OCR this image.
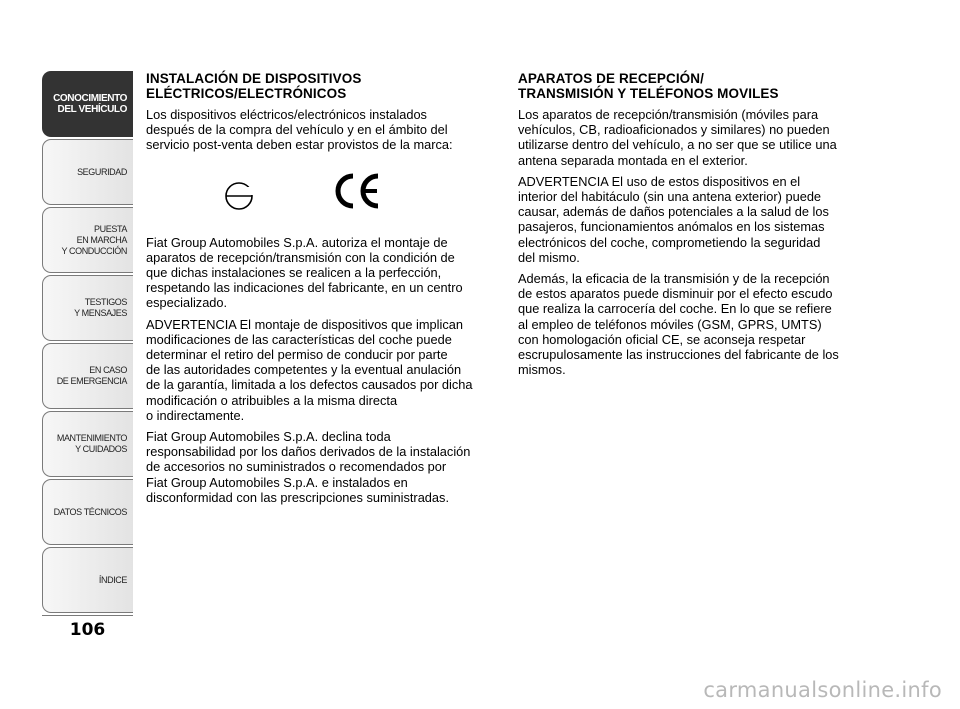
CONOCIMIENTO
DEL VEHÍCULO
SEGURIDAD
PUESTA
EN MARCHA
Y CONDUCCIÓN
TESTIGOS
Y MENSAJES
EN CASO
DE EMERGENCIA
MANTENIMIENTO
Y CUIDADOS
DATOS TÉCNICOS
ÍNDICE
106
INSTALACIÓN DE DISPOSITIVOS
ELÉCTRICOS/ELECTRÓNICOS

Los dispositivos eléctricos/electrónicos instalados
después de la compra del vehículo y en el ámbito del
servicio post-venta deben estar provistos de la marca:

Fiat Group Automobiles S.p.A. autoriza el montaje de
aparatos de recepción/transmisión con la condición de
que dichas instalaciones se realicen a la perfección,
respetando las indicaciones del fabricante, en un centro
especializado.

ADVERTENCIA El montaje de dispositivos que implican
modificaciones de las características del coche puede
determinar el retiro del permiso de conducir por parte
de las autoridades competentes y la eventual anulación
de la garantía, limitada a los defectos causados por dicha
modificación o atribuibles a la misma directa
o indirectamente.

Fiat Group Automobiles S.p.A. declina toda
responsabilidad por los daños derivados de la instalación
de accesorios no suministrados o recomendados por
Fiat Group Automobiles S.p.A. e instalados en
disconformidad con las prescripciones suministradas.

APARATOS DE RECEPCIÓN/
TRANSMISIÓN Y TELÉFONOS MOVILES

Los aparatos de recepción/transmisión (móviles para
vehículos, CB, radioaficionados y similares) no pueden
utilizarse dentro del vehículo, a no ser que se utilice una
antena separada montada en el exterior.

ADVERTENCIA El uso de estos dispositivos en el
interior del habitáculo (sin una antena exterior) puede
causar, además de daños potenciales a la salud de los
pasajeros, funcionamientos anómalos en los sistemas
electrónicos del coche, comprometiendo la seguridad
del mismo.

Además, la eficacia de la transmisión y de la recepción
de estos aparatos puede disminuir por el efecto escudo
que realiza la carrocería del coche. En lo que se refiere
al empleo de teléfonos móviles (GSM, GPRS, UMTS)
con homologación oficial CE, se aconseja respetar
escrupulosamente las instrucciones del fabricante de los
mismos.

carmanualsonline.info
